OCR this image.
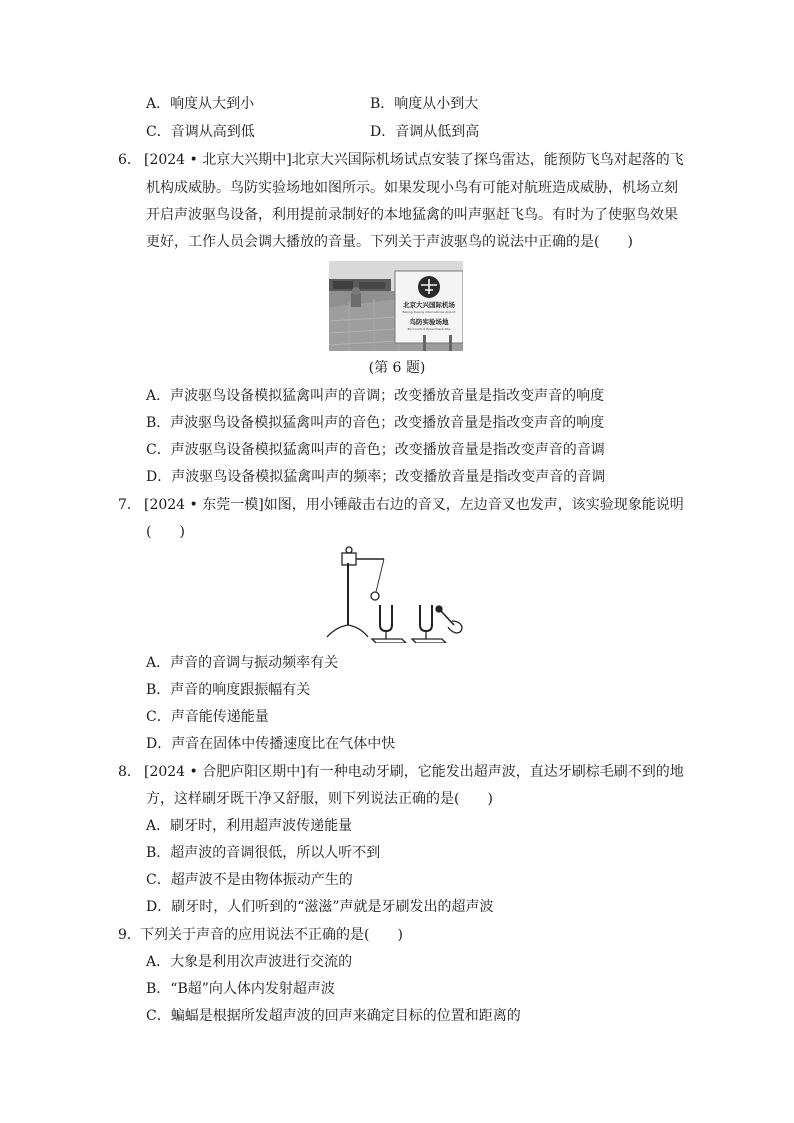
A．响度从大到小	B．响度从小到大
C．音调从高到低	D．音调从低到高
6． [2024 • 北京大兴期中]北京大兴国际机场试点安装了探鸟雷达，能预防飞鸟对起落的飞
机构成威胁。鸟防实验场地如图所示。如果发现小鸟有可能对航班造成威胁，机场立刻
开启声波驱鸟设备，利用提前录制好的本地猛禽的叫声驱赶飞鸟。有时为了使驱鸟效果
更好，工作人员会调大播放的音量。下列关于声波驱鸟的说法中正确的是(　　)
北京大兴国际机场
Beijing Daxing International Airport
鸟防实验场地
Bird Control Experiment Site
(第 6 题)
A．声波驱鸟设备模拟猛禽叫声的音调；改变播放音量是指改变声音的响度
B．声波驱鸟设备模拟猛禽叫声的音色；改变播放音量是指改变声音的响度
C．声波驱鸟设备模拟猛禽叫声的音色；改变播放音量是指改变声音的音调
D．声波驱鸟设备模拟猛禽叫声的频率；改变播放音量是指改变声音的音调
7． [2024 • 东莞一模]如图，用小锤敲击右边的音叉，左边音叉也发声，该实验现象能说明
(　　)
A．声音的音调与振动频率有关
B．声音的响度跟振幅有关
C．声音能传递能量
D．声音在固体中传播速度比在气体中快
8． [2024 • 合肥庐阳区期中]有一种电动牙刷，它能发出超声波，直达牙刷棕毛刷不到的地
方，这样刷牙既干净又舒服，则下列说法正确的是(　　)
A．刷牙时，利用超声波传递能量
B．超声波的音调很低，所以人听不到
C．超声波不是由物体振动产生的
D．刷牙时，人们听到的“滋滋”声就是牙刷发出的超声波
9． 下列关于声音的应用说法不正确的是(　　)
A．大象是利用次声波进行交流的
B．“B超”向人体内发射超声波
C．蝙蝠是根据所发超声波的回声来确定目标的位置和距离的
